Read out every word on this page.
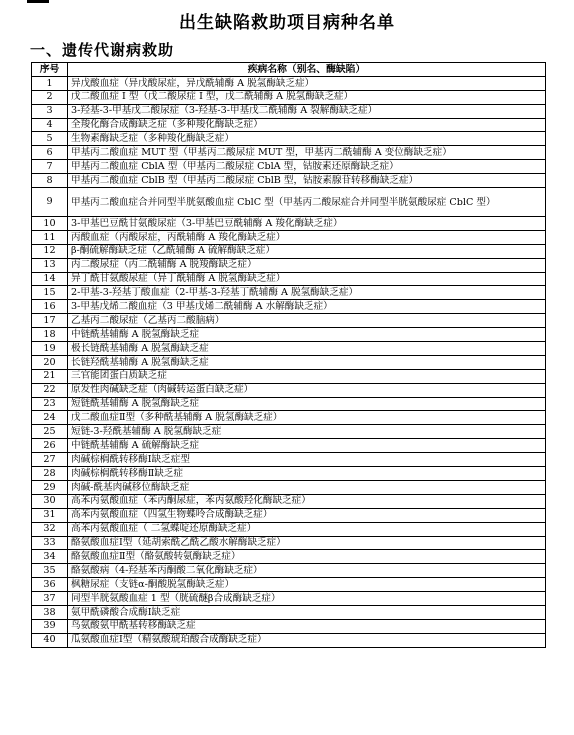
出生缺陷救助项目病种名单
一、遗传代谢病救助
序号	疾病名称（别名、酶缺陷）
1	异戊酸血症（异戊酸尿症，异戊酰辅酶 A 脱氢酶缺乏症）
2	戊二酸血症 I 型（戊二酸尿症 I 型，戊二酰辅酶 A 脱氢酶缺乏症）
3	3-羟基-3-甲基戊二酸尿症（3-羟基-3-甲基戊二酰辅酶 A 裂解酶缺乏症）
4	全羧化酶合成酶缺乏症（多种羧化酶缺乏症）
5	生物素酶缺乏症（多种羧化酶缺乏症）
6	甲基丙二酸血症 MUT 型（甲基丙二酸尿症 MUT 型，甲基丙二酰辅酶 A 变位酶缺乏症）
7	甲基丙二酸血症 CblA 型（甲基丙二酸尿症 CblA 型，钴胺素还原酶缺乏症）
8	甲基丙二酸血症 CblB 型（甲基丙二酸尿症 CblB 型，钴胺素腺苷转移酶缺乏症）
9	甲基丙二酸血症合并同型半胱氨酸血症 CblC 型（甲基丙二酸尿症合并同型半胱氨酸尿症 CblC 型）
10	3-甲基巴豆酰甘氨酸尿症（3-甲基巴豆酰辅酶 A 羧化酶缺乏症）
11	丙酸血症（丙酸尿症，丙酰辅酶 A 羧化酶缺乏症）
12	β-酮硫解酶缺乏症（乙酰辅酶 A 硫解酶缺乏症）
13	丙二酸尿症（丙二酰辅酶 A 脱羧酶缺乏症）
14	异丁酰甘氨酸尿症（异丁酰辅酶 A 脱氢酶缺乏症）
15	2-甲基-3-羟基丁酸血症（2-甲基-3-羟基丁酰辅酶 A 脱氢酶缺乏症）
16	3-甲基戊烯二酸血症（3 甲基戊烯二酰辅酶 A 水解酶缺乏症）
17	乙基丙二酸尿症（乙基丙二酸脑病）
18	中链酰基辅酶 A 脱氢酶缺乏症
19	极长链酰基辅酶 A 脱氢酶缺乏症
20	长链羟酰基辅酶 A 脱氢酶缺乏症
21	三官能团蛋白质缺乏症
22	原发性肉碱缺乏症（肉碱转运蛋白缺乏症）
23	短链酰基辅酶 A 脱氢酶缺乏症
24	戊二酸血症Ⅱ型（多种酰基辅酶 A 脱氢酶缺乏症）
25	短链-3-羟酰基辅酶 A 脱氢酶缺乏症
26	中链酰基辅酶 A 硫解酶缺乏症
27	肉碱棕榈酰转移酶Ⅰ缺乏症型
28	肉碱棕榈酰转移酶Ⅱ缺乏症
29	肉碱-酰基肉碱移位酶缺乏症
30	高苯丙氨酸血症（苯丙酮尿症，苯丙氨酸羟化酶缺乏症）
31	高苯丙氨酸血症（四氢生物蝶呤合成酶缺乏症）
32	高苯丙氨酸血症（ 二氢蝶啶还原酶缺乏症）
33	酪氨酸血症Ⅰ型（延胡索酰乙酰乙酸水解酶缺乏症）
34	酪氨酸血症Ⅱ型（酪氨酸转氨酶缺乏症）
35	酪氨酸病（4-羟基苯丙酮酸二氧化酶缺乏症）
36	枫糖尿症（支链α-酮酸脱氢酶缺乏症）
37	同型半胱氨酸血症 1 型（胱硫醚β合成酶缺乏症）
38	氨甲酰磷酸合成酶Ⅰ缺乏症
39	鸟氨酸氨甲酰基转移酶缺乏症
40	瓜氨酸血症Ⅰ型（精氨酸琥珀酸合成酶缺乏症）
